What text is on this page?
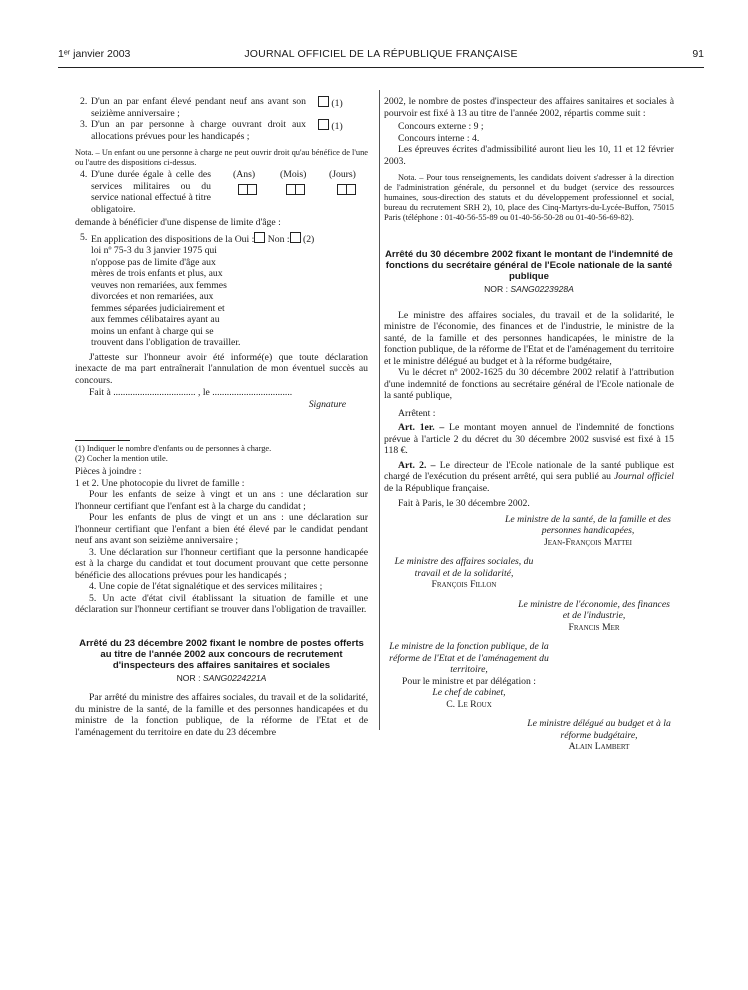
1ᵉʳ janvier 2003	JOURNAL OFFICIEL DE LA RÉPUBLIQUE FRANÇAISE	91
2. D'un an par enfant élevé pendant neuf ans avant son seizième anniversaire ;
(1)
3. D'un an par personne à charge ouvrant droit aux allocations prévues pour les handicapés ;
(1)

Nota. – Un enfant ou une personne à charge ne peut ouvrir droit qu'au bénéfice de l'une ou l'autre des dispositions ci-dessus.

4. D'une durée égale à celle des services militaires ou du service national effectué à titre obligatoire.
(Ans)	(Mois) (Jours)

demande à bénéficier d'une dispense de limite d'âge :

5. En application des dispositions de la Oui : Non : (2)
loi nº 75-3 du 3 janvier 1975 qui n'oppose pas de limite d'âge aux mères de trois enfants et plus, aux veuves non remariées, aux femmes divorcées et non remariées, aux femmes séparées judiciairement et aux femmes célibataires ayant au moins un enfant à charge qui se trouvent dans l'obligation de travailler.

J'atteste sur l'honneur avoir été informé(e) que toute déclaration inexacte de ma part entraînerait l'annulation de mon éventuel succès au concours.

Fait à .................................. , le .................................

Signature

(1) Indiquer le nombre d'enfants ou de personnes à charge.

(2) Cocher la mention utile.

Pièces à joindre :

1 et 2. Une photocopie du livret de famille :

Pour les enfants de seize à vingt et un ans : une déclaration sur l'honneur certifiant que l'enfant est à la charge du candidat ;

Pour les enfants de plus de vingt et un ans : une déclaration sur l'honneur certifiant que l'enfant a bien été élevé par le candidat pendant neuf ans avant son seizième anniversaire ;

3. Une déclaration sur l'honneur certifiant que la personne handicapée est à la charge du candidat et tout document prouvant que cette personne bénéficie des allocations prévues pour les handicapés ;

4. Une copie de l'état signalétique et des services militaires ;

5. Un acte d'état civil établissant la situation de famille et une déclaration sur l'honneur certifiant se trouver dans l'obligation de travailler.

Arrêté du 23 décembre 2002 fixant le nombre de postes offerts au titre de l'année 2002 aux concours de recrutement d'inspecteurs des affaires sanitaires et sociales

NOR : SANG0224221A

Par arrêté du ministre des affaires sociales, du travail et de la solidarité, du ministre de la santé, de la famille et des personnes handicapées et du ministre de la fonction publique, de la réforme de l'Etat et de l'aménagement du territoire en date du 23 décembre

2002, le nombre de postes d'inspecteur des affaires sanitaires et sociales à pourvoir est fixé à 13 au titre de l'année 2002, répartis comme suit :

Concours externe : 9 ;

Concours interne : 4.

Les épreuves écrites d'admissibilité auront lieu les 10, 11 et 12 février 2003.

Nota. – Pour tous renseignements, les candidats doivent s'adresser à la direction de l'administration générale, du personnel et du budget (service des ressources humaines, sous-direction des statuts et du développement professionnel et social, bureau du recrutement SRH 2), 10, place des Cinq-Martyrs-du-Lycée-Buffon, 75015 Paris (téléphone : 01-40-56-55-89 ou 01-40-56-50-28 ou 01-40-56-69-82).

Arrêté du 30 décembre 2002 fixant le montant de l'indemnité de fonctions du secrétaire général de l'Ecole nationale de la santé publique

NOR : SANG0223928A

Le ministre des affaires sociales, du travail et de la solidarité, le ministre de l'économie, des finances et de l'industrie, le ministre de la santé, de la famille et des personnes handicapées, le ministre de la fonction publique, de la réforme de l'Etat et de l'aménagement du territoire et le ministre délégué au budget et à la réforme budgétaire,

Vu le décret nº 2002-1625 du 30 décembre 2002 relatif à l'attribution d'une indemnité de fonctions au secrétaire général de l'Ecole nationale de la santé publique,

Arrêtent :

Art. 1er. – Le montant moyen annuel de l'indemnité de fonctions prévue à l'article 2 du décret du 30 décembre 2002 susvisé est fixé à 15 118 €.

Art. 2. – Le directeur de l'Ecole nationale de la santé publique est chargé de l'exécution du présent arrêté, qui sera publié au Journal officiel de la République française.

Fait à Paris, le 30 décembre 2002.

Le ministre de la santé, de la famille et des personnes handicapées,

Jean-François Mattei

Le ministre des affaires sociales, du travail et de la solidarité,

François Fillon

Le ministre de l'économie, des finances et de l'industrie,

Francis Mer

Le ministre de la fonction publique, de la réforme de l'Etat et de l'aménagement du territoire,

Pour le ministre et par délégation :

Le chef de cabinet,

C. Le Roux

Le ministre délégué au budget et à la réforme budgétaire,

Alain Lambert
